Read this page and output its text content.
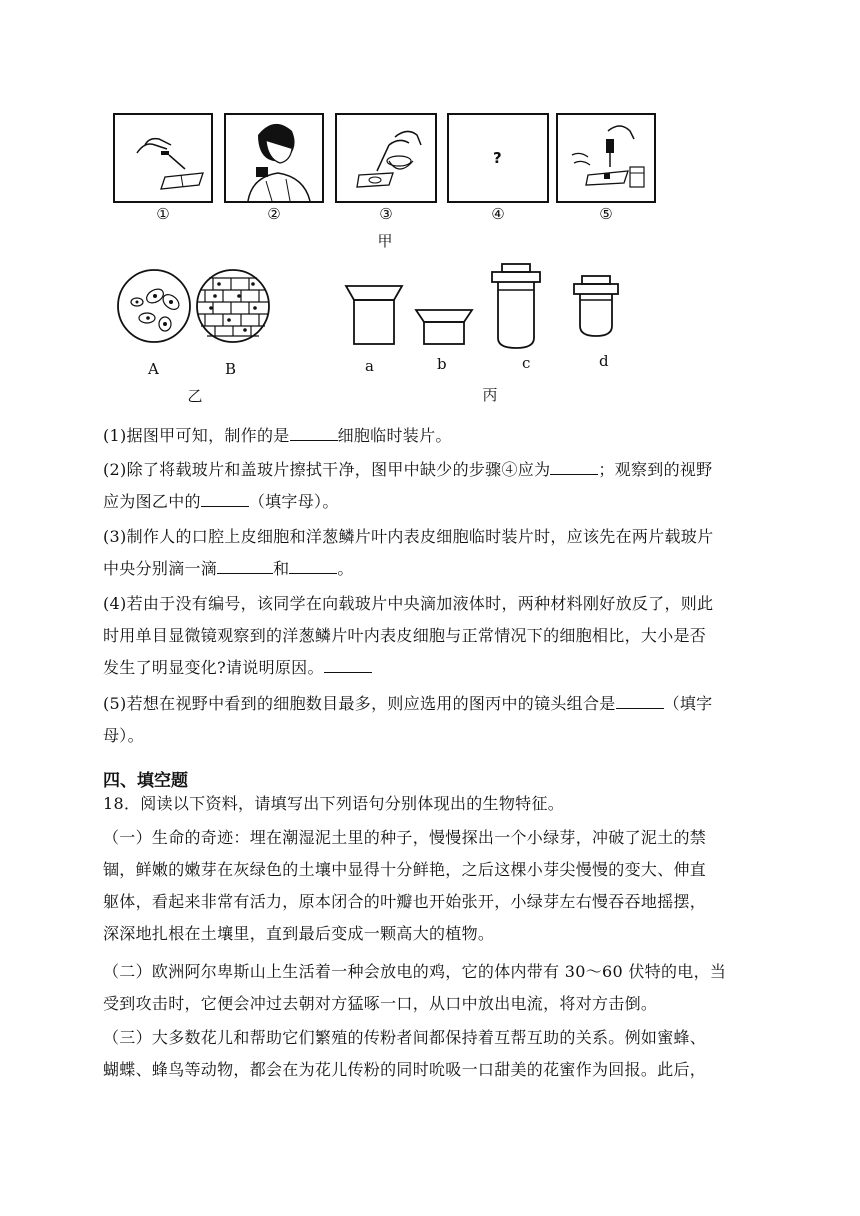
?
①	②	③	④	⑤
甲
A	B
乙
a	b	c	d
丙
(1)据图甲可知，制作的是	细胞临时装片。
(2)除了将载玻片和盖玻片擦拭干净，图甲中缺少的步骤④应为	；观察到的视野
应为图乙中的	（填字母）。
(3)制作人的口腔上皮细胞和洋葱鳞片叶内表皮细胞临时装片时，应该先在两片载玻片
中央分别滴一滴	和	。
(4)若由于没有编号，该同学在向载玻片中央滴加液体时，两种材料刚好放反了，则此
时用单目显微镜观察到的洋葱鳞片叶内表皮细胞与正常情况下的细胞相比，大小是否
发生了明显变化?请说明原因。
(5)若想在视野中看到的细胞数目最多，则应选用的图丙中的镜头组合是	（填字
母）。
四、填空题
18．阅读以下资料，请填写出下列语句分别体现出的生物特征。
（一）生命的奇迹：埋在潮湿泥土里的种子，慢慢探出一个小绿芽，冲破了泥土的禁
锢，鲜嫩的嫩芽在灰绿色的土壤中显得十分鲜艳，之后这棵小芽尖慢慢的变大、伸直
躯体，看起来非常有活力，原本闭合的叶瓣也开始张开，小绿芽左右慢吞吞地摇摆，
深深地扎根在土壤里，直到最后变成一颗高大的植物。
（二）欧洲阿尔卑斯山上生活着一种会放电的鸡，它的体内带有 30～60 伏特的电，当
受到攻击时，它便会冲过去朝对方猛啄一口，从口中放出电流，将对方击倒。
（三）大多数花儿和帮助它们繁殖的传粉者间都保持着互帮互助的关系。例如蜜蜂、
蝴蝶、蜂鸟等动物，都会在为花儿传粉的同时吮吸一口甜美的花蜜作为回报。此后，
